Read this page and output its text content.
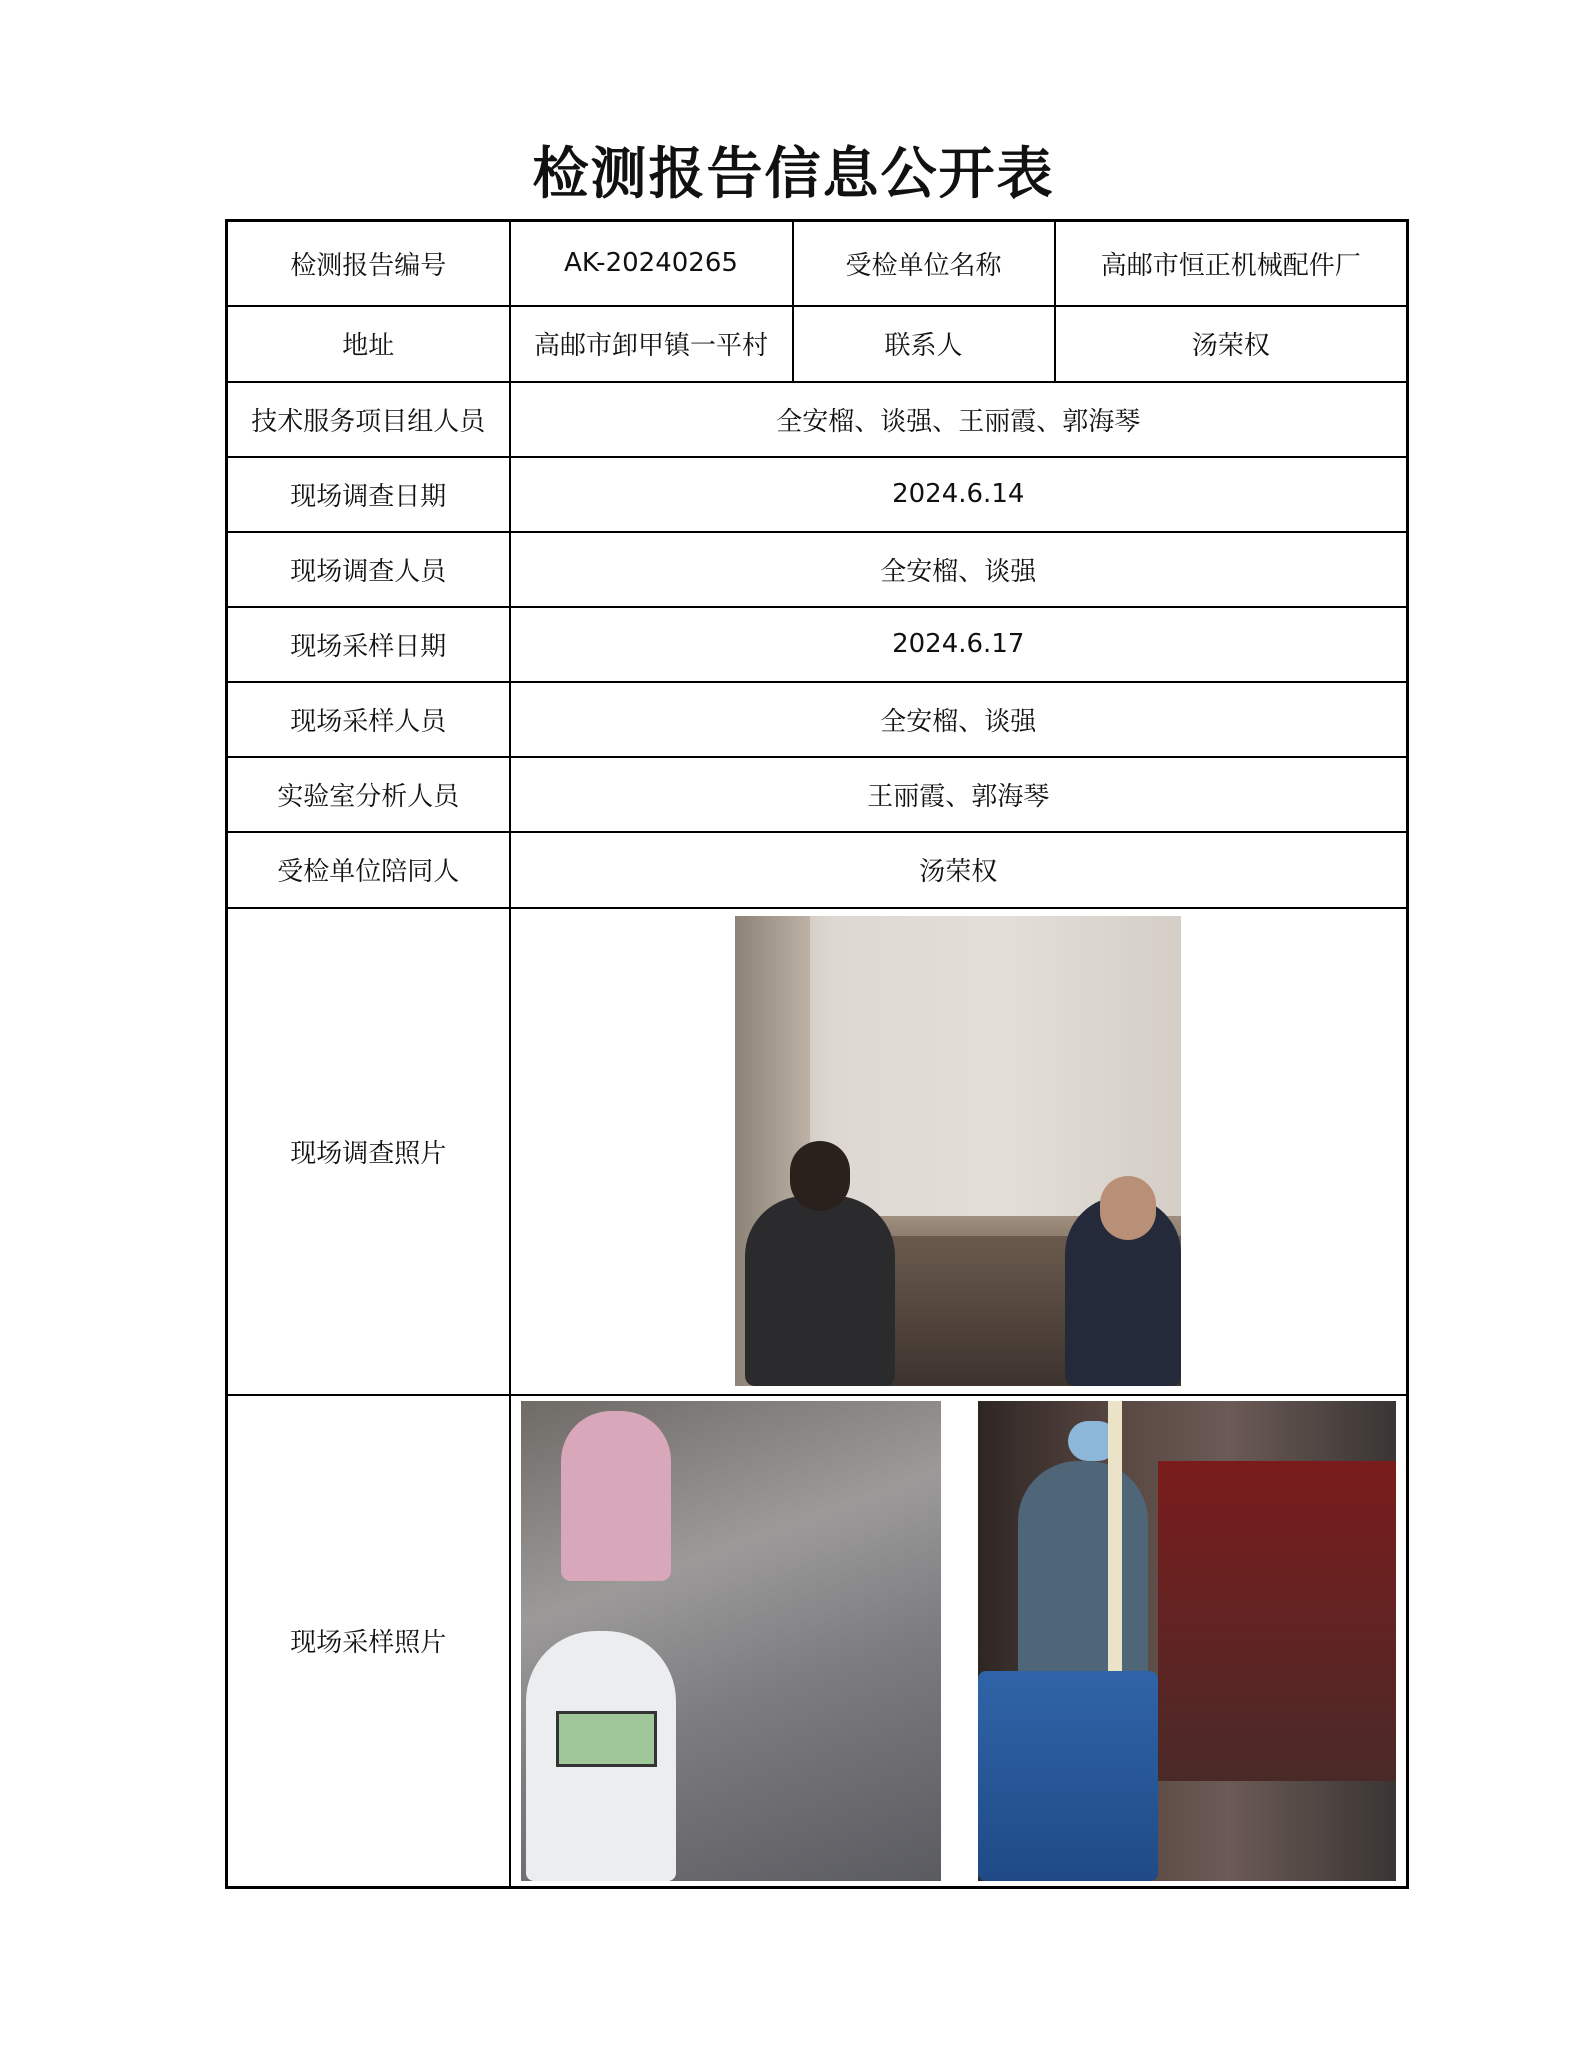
检测报告信息公开表
检测报告编号	AK-20240265	受检单位名称	高邮市恒正机械配件厂
地址	高邮市卸甲镇一平村	联系人	汤荣权
技术服务项目组人员	全安榴、谈强、王丽霞、郭海琴		
现场调查日期	2024.6.14		
现场调查人员	全安榴、谈强		
现场采样日期	2024.6.17		
现场采样人员	全安榴、谈强		
实验室分析人员	王丽霞、郭海琴		
受检单位陪同人	汤荣权		
现场调查照片			

现场采样照片			
